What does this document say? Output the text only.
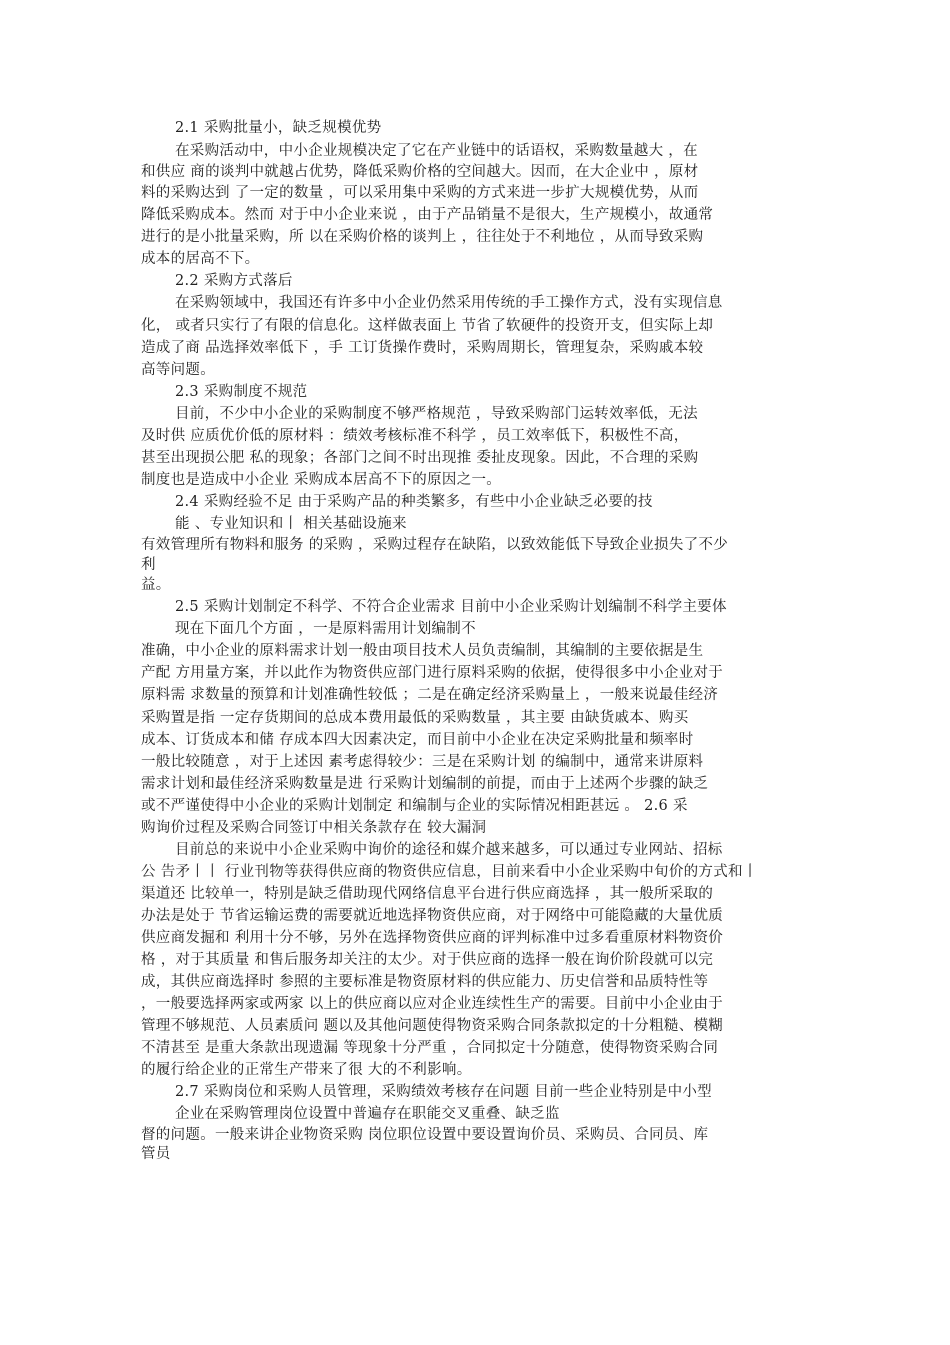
2.1 采购批量小，缺乏规模优势
在采购活动中，中小企业规模决定了它在产业链中的话语权，采购数量越大 ，在
和供应 商的谈判中就越占优势，降低采购价格的空间越大。因而，在大企业中 ，原材
料的采购达到 了一定的数量 ，可以采用集中采购的方式来进一步扩大规模优势，从而
降低采购成本。然而 对于中小企业来说 ，由于产品销量不是很大，生产规模小，故通常
进行的是小批量采购，所 以在采购价格的谈判上 ，往往处于不利地位 ，从而导致采购
成本的居高不下。
2.2 采购方式落后
在采购领域中，我国还有许多中小企业仍然采用传统的手工操作方式，没有实现信息
化， 或者只实行了有限的信息化。这样做表面上 节省了软硬件的投资开支，但实际上却
造成了商 品选择效率低下 ，手 工订货操作费时，采购周期长，管理复杂，采购戚本较
高等问题。
2.3 采购制度不规范
目前，不少中小企业的采购制度不够严格规范 ，导致采购部门运转效率低，无法
及时供 应质优价低的原材料 ：绩效考核标准不科学 ，员工效率低下，积极性不高，
甚至出现损公肥 私的现象；各部门之间不时出现推 委扯皮现象。因此，不合理的采购
制度也是造成中小企业 采购成本居高不下的原因之一。
2.4 采购经验不足 由于采购产品的种类繁多，有些中小企业缺乏必要的技
能 、专业知识和丨 相关基础设施来
有效管理所有物料和服务 的采购 ，采购过程存在缺陷，以致效能低下导致企业损失了不少
利
益。
2.5 采购计划制定不科学、不符合企业需求 目前中小企业采购计划编制不科学主要体
现在下面几个方面 ，一是原料需用计划编制不
准确，中小企业的原料需求计划一般由项目技术人员负责编制，其编制的主要依据是生
产配 方用量方案，并以此作为物资供应部门进行原料采购的依据，使得很多中小企业对于
原料需 求数量的预算和计划准确性较低 ；二是在确定经济采购量上 ，一般来说最佳经济
采购置是指 一定存货期间的总成本费用最低的采购数量 ，其主要 由缺货戚本、购买
成本、订货成本和储 存成本四大因素决定，而目前中小企业在决定采购批量和频率时
一般比较随意 ，对于上述因 素考虑得较少：三是在采购计划 的编制中，通常来讲原料
需求计划和最佳经济采购数量是进 行采购计划编制的前提，而由于上述两个步骤的缺乏
或不严谨使得中小企业的采购计划制定 和编制与企业的实际情况相距甚远 。 2.6 采
购询价过程及采购合同签订中相关条款存在 较大漏洞
目前总的来说中小企业采购中询价的途径和媒介越来越多，可以通过专业网站、招标
公 告矛丨丨 行业刊物等获得供应商的物资供应信息，目前来看中小企业采购中旬价的方式和丨
渠道还 比较单一，特别是缺乏借助现代网络信息平台进行供应商选择 ，其一般所采取的
办法是处于 节省运输运费的需要就近地选择物资供应商，对于网络中可能隐藏的大量优质
供应商发掘和 利用十分不够，另外在选择物资供应商的评判标准中过多看重原材料物资价
格 ，对于其质量 和售后服务却关注的太少。对于供应商的选择一般在询价阶段就可以完
成，其供应商选择时 参照的主要标准是物资原材料的供应能力、历史信誉和品质特性等
，一般要选择两家或两家 以上的供应商以应对企业连续性生产的需要。目前中小企业由于
管理不够规范、人员素质问 题以及其他问题使得物资采购合同条款拟定的十分粗糙、模糊
不清甚至 是重大条款出现遗漏 等现象十分严重 ，合同拟定十分随意，使得物资采购合同
的履行给企业的正常生产带来了很 大的不利影响。
2.7 采购岗位和采购人员管理，采购绩效考核存在问题 目前一些企业特别是中小型
企业在采购管理岗位设置中普遍存在职能交叉重叠、缺乏监
督的问题。一般来讲企业物资采购 岗位职位设置中要设置询价员、采购员、合同员、库
管员
